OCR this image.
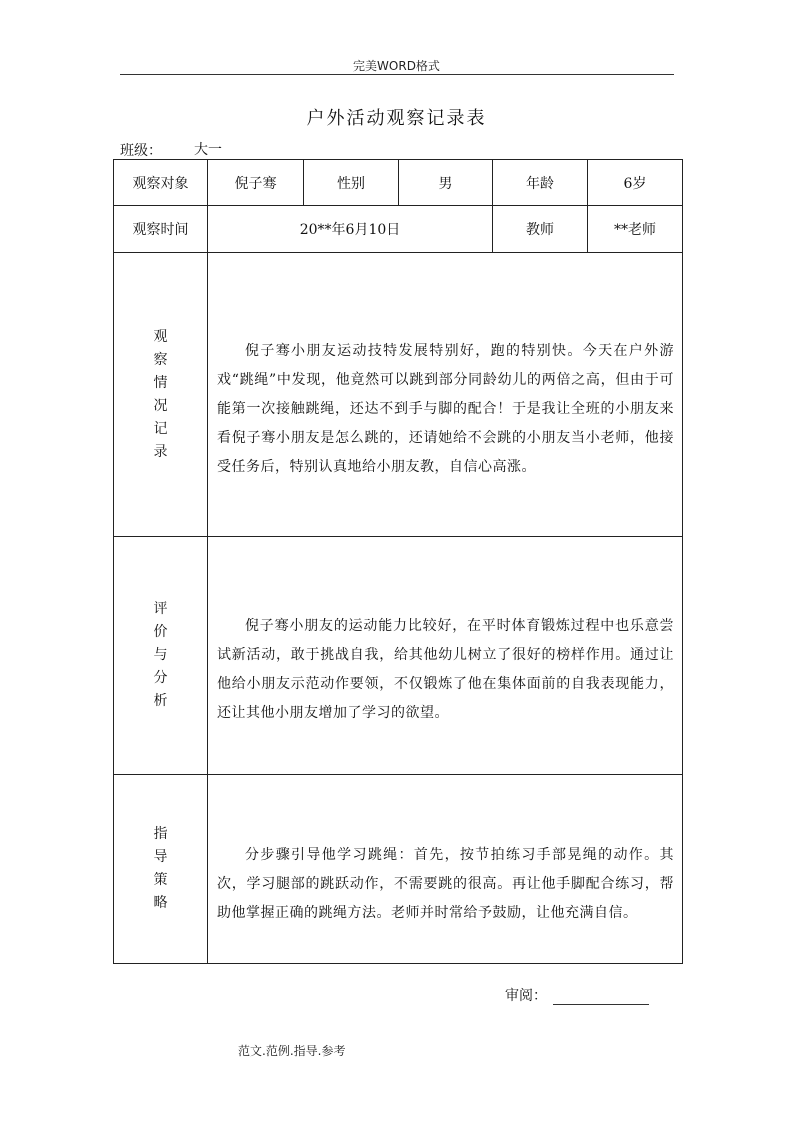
完美WORD格式
户外活动观察记录表
班级：	大一
观察对象	倪子骞	性别	男	年龄	6岁
观察时间	20**年6月10日			教师	**老师
观察情况记录	倪子骞小朋友运动技特发展特别好，跑的特别快。今天在户外游戏“跳绳”中发现，他竟然可以跳到部分同龄幼儿的两倍之高，但由于可能第一次接触跳绳，还达不到手与脚的配合！于是我让全班的小朋友来看倪子骞小朋友是怎么跳的，还请她给不会跳的小朋友当小老师，他接受任务后，特别认真地给小朋友教，自信心高涨。				

评价与分析	倪子骞小朋友的运动能力比较好，在平时体育锻炼过程中也乐意尝试新活动，敢于挑战自我，给其他幼儿树立了很好的榜样作用。通过让他给小朋友示范动作要领，不仅锻炼了他在集体面前的自我表现能力，还让其他小朋友增加了学习的欲望。				

指导策略	分步骤引导他学习跳绳：首先，按节拍练习手部晃绳的动作。其次，学习腿部的跳跃动作，不需要跳的很高。再让他手脚配合练习，帮助他掌握正确的跳绳方法。老师并时常给予鼓励，让他充满自信。				
审阅：
范文.范例.指导.参考
